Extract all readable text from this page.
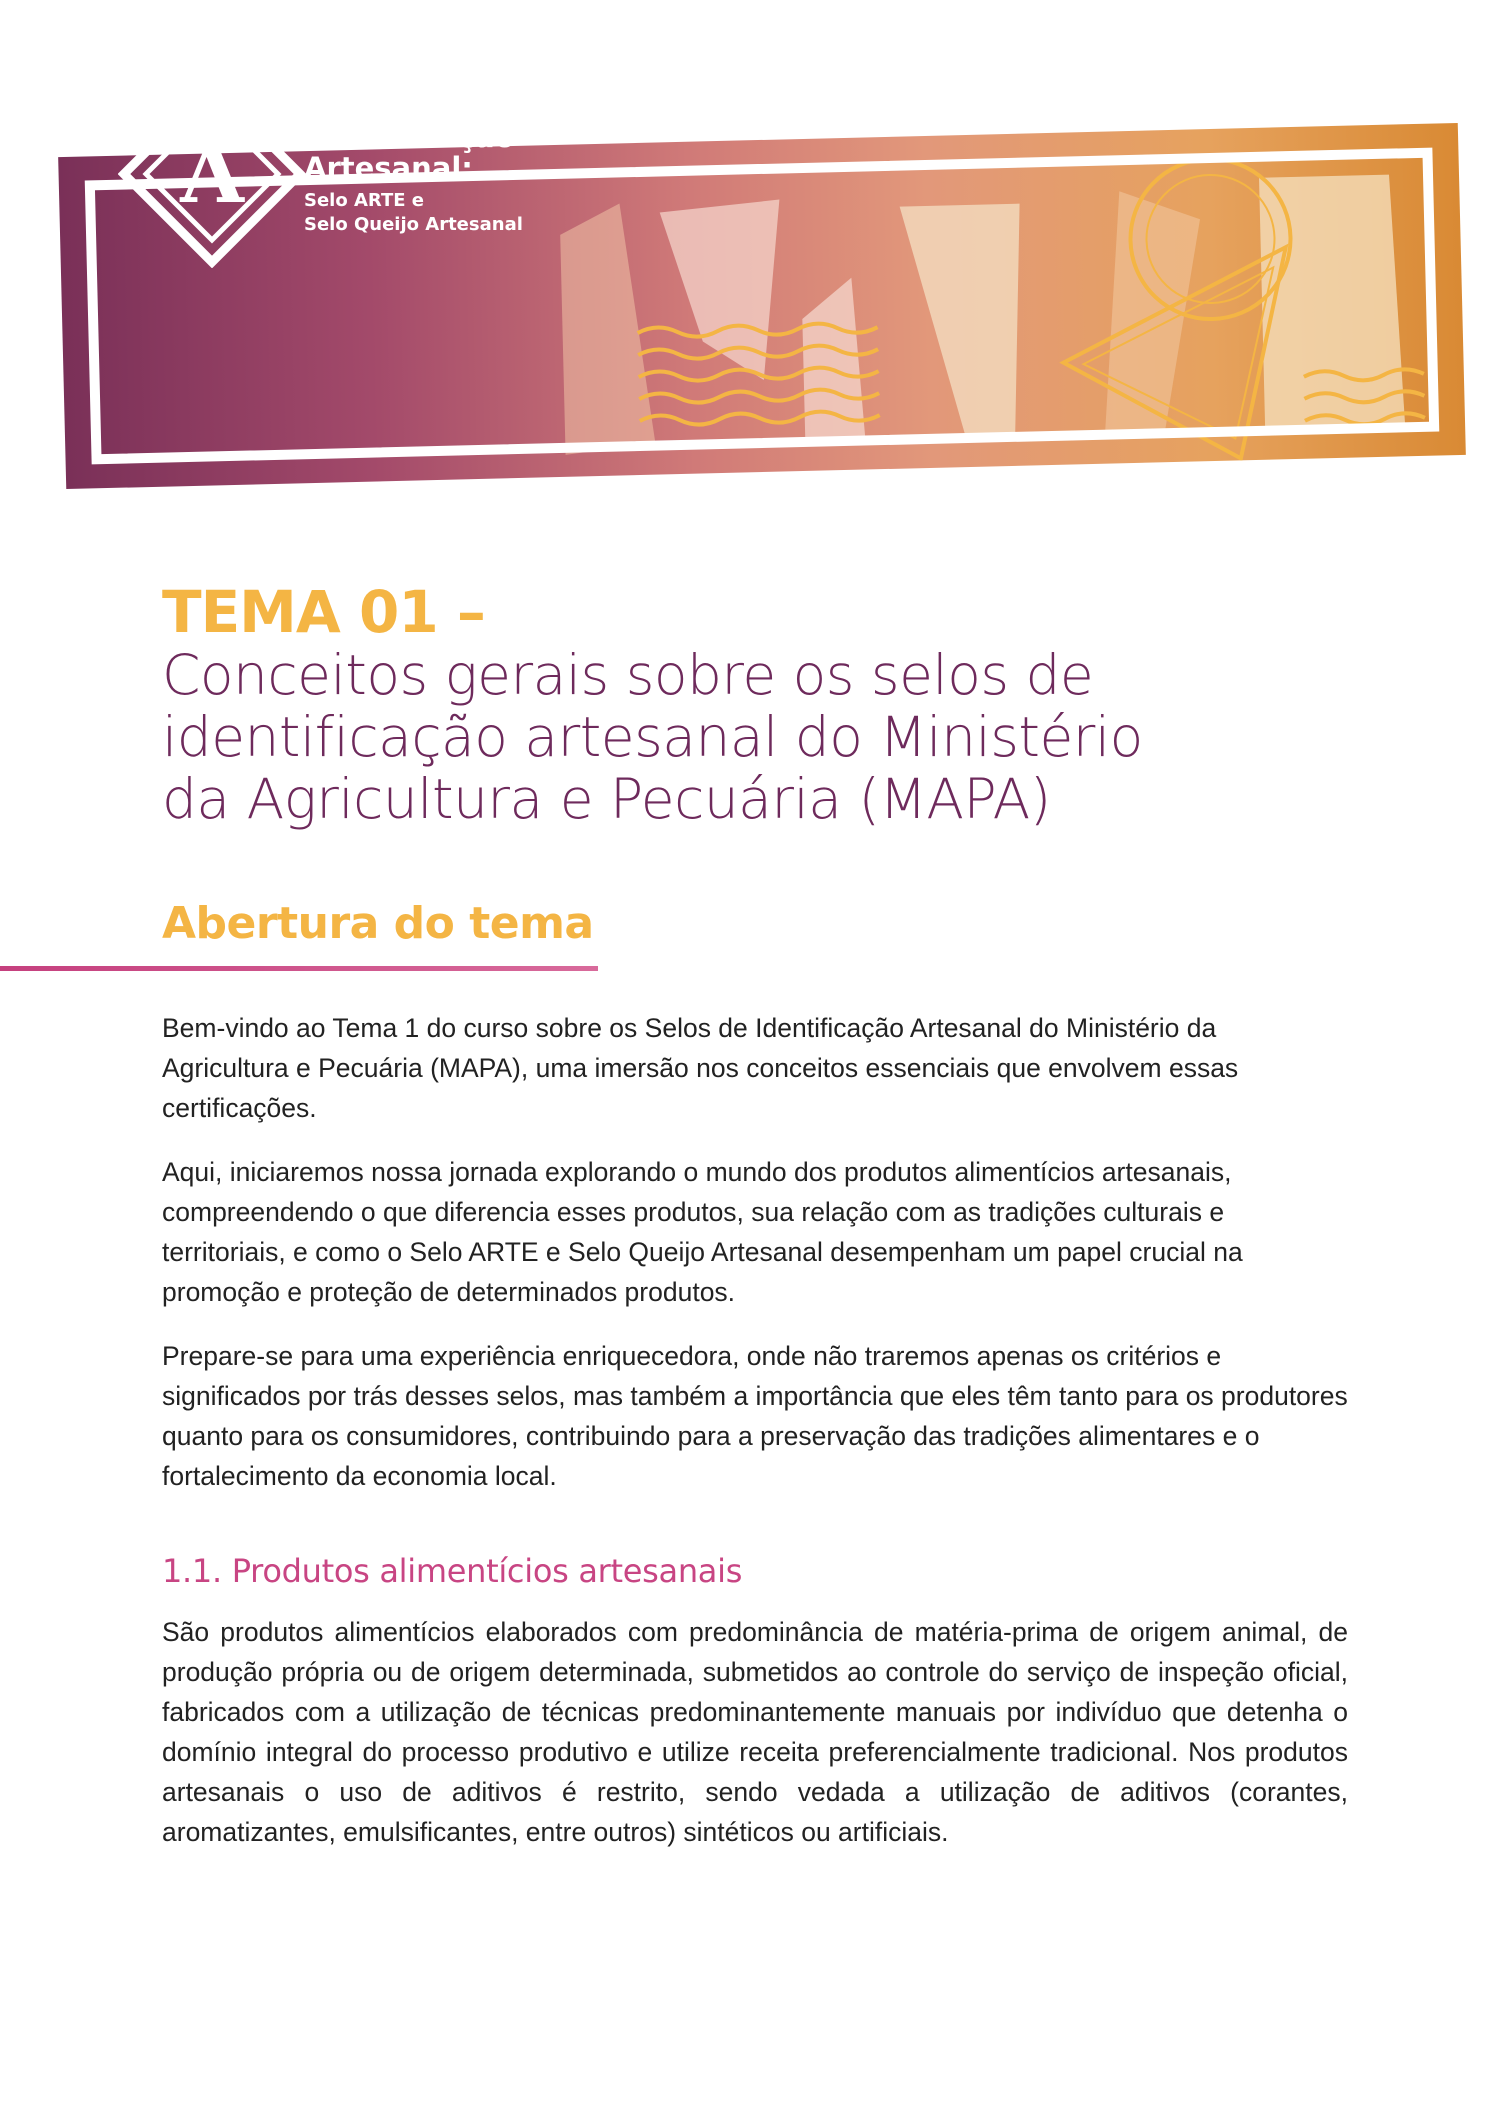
A
Selos de
Identificação
Artesanal:
Selo ARTE e
Selo Queijo Artesanal
TEMA 01 –
Conceitos gerais sobre os selos de
identificação artesanal do Ministério
da Agricultura e Pecuária (MAPA)
Abertura do tema

Bem-vindo ao Tema 1 do curso sobre os Selos de Identificação Artesanal do Ministério da Agricultura e Pecuária (MAPA), uma imersão nos conceitos essenciais que envolvem essas certificações.

Aqui, iniciaremos nossa jornada explorando o mundo dos produtos alimentícios artesanais, compreendendo o que diferencia esses produtos, sua relação com as tradições culturais e territoriais, e como o Selo ARTE e Selo Queijo Artesanal desempenham um papel crucial na promoção e proteção de determinados produtos.

Prepare-se para uma experiência enriquecedora, onde não traremos apenas os critérios e significados por trás desses selos, mas também a importância que eles têm tanto para os produtores quanto para os consumidores, contribuindo para a preservação das tradições alimentares e o fortalecimento da economia local.

1.1. Produtos alimentícios artesanais

São produtos alimentícios elaborados com predominância de matéria-prima de origem animal, de produção própria ou de origem determinada, submetidos ao controle do serviço de inspeção oficial, fabricados com a utilização de técnicas predominantemente manuais por indivíduo que detenha o domínio integral do processo produtivo e utilize receita preferencialmente tradicional. Nos produtos artesanais o uso de aditivos é restrito, sendo vedada a utilização de aditivos (corantes, aromatizantes, emulsificantes, entre outros) sintéticos ou artificiais.
